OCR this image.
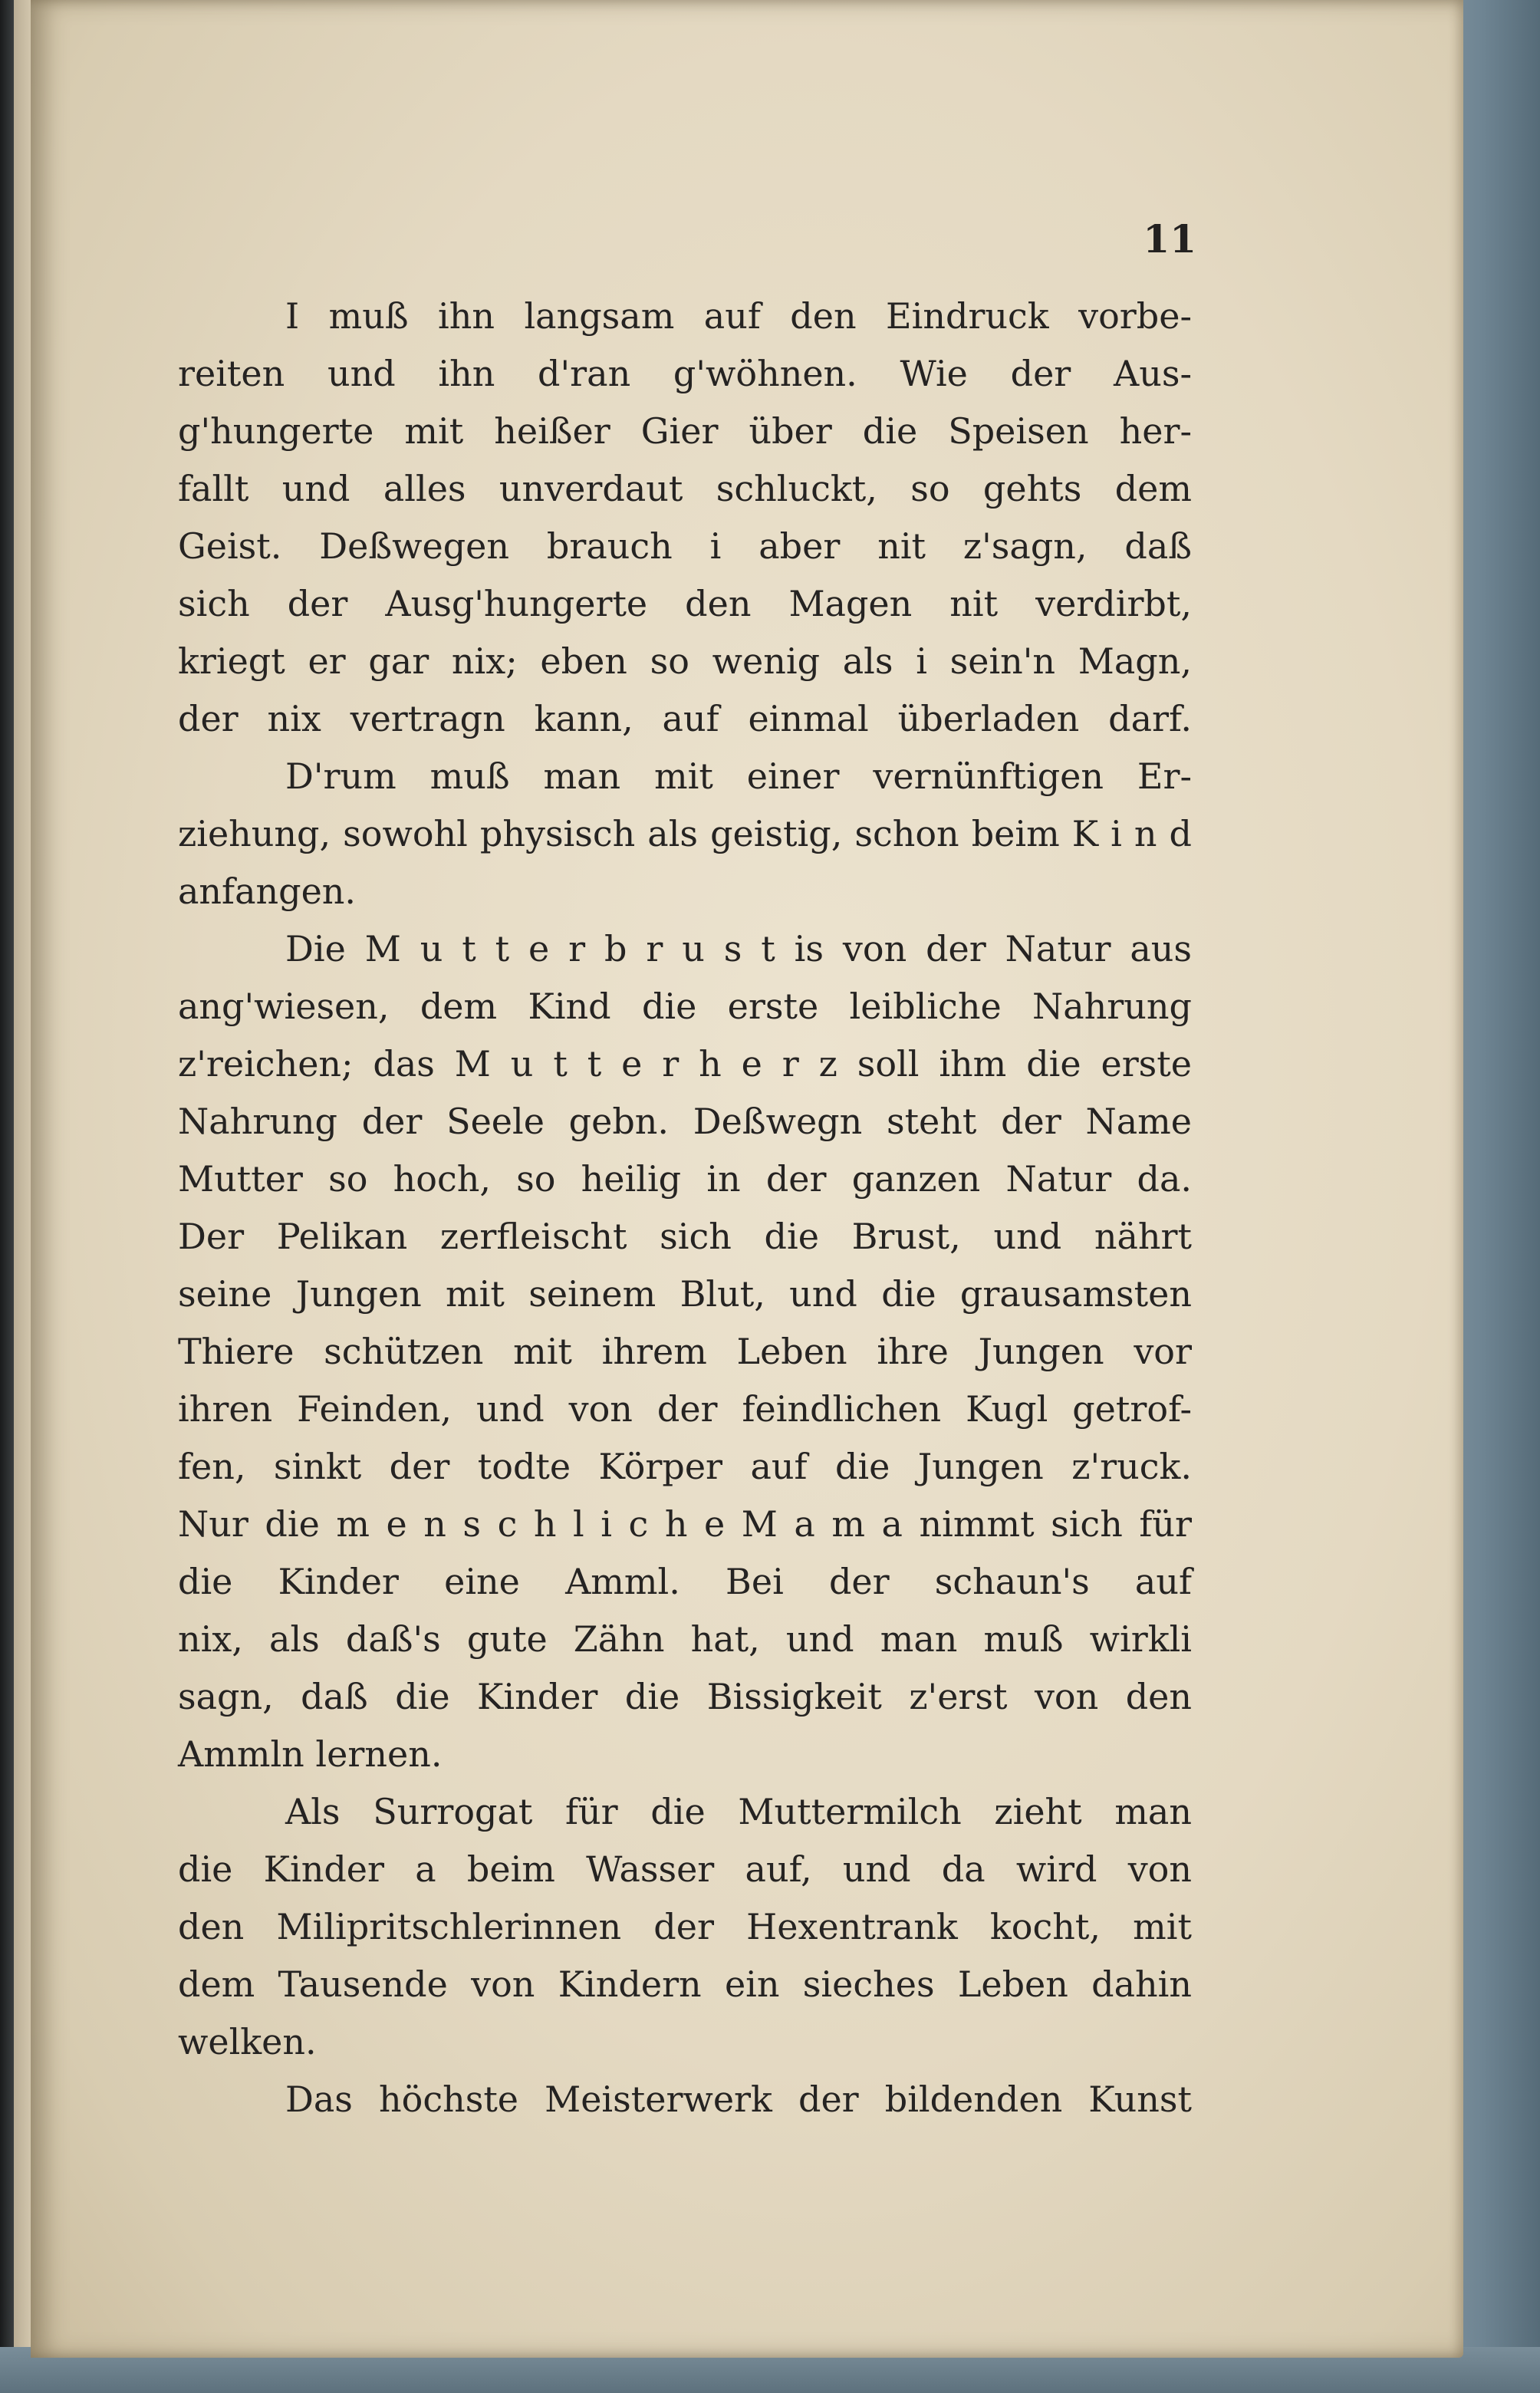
11

I muß ihn langsam auf den Eindruck vorbe-
reiten und ihn d'ran g'wöhnen. Wie der Aus-
g'hungerte mit heißer Gier über die Speisen her-
fallt und alles unverdaut schluckt, so gehts dem
Geist. Deßwegen brauch i aber nit z'sagn, daß
sich der Ausg'hungerte den Magen nit verdirbt,
kriegt er gar nix; eben so wenig als i sein'n Magn,
der nix vertragn kann, auf einmal überladen darf.
D'rum muß man mit einer vernünftigen Er-
ziehung, sowohl physisch als geistig, schon beim K i n d
anfangen.
Die M u t t e r b r u s t is von der Natur aus
ang'wiesen, dem Kind die erste leibliche Nahrung
z'reichen; das M u t t e r h e r z soll ihm die erste
Nahrung der Seele gebn. Deßwegn steht der Name
Mutter so hoch, so heilig in der ganzen Natur da.
Der Pelikan zerfleischt sich die Brust, und nährt
seine Jungen mit seinem Blut, und die grausamsten
Thiere schützen mit ihrem Leben ihre Jungen vor
ihren Feinden, und von der feindlichen Kugl getrof-
fen, sinkt der todte Körper auf die Jungen z'ruck.
Nur die m e n s c h l i c h e M a m a nimmt sich für
die Kinder eine Amml. Bei der schaun's auf
nix, als daß's gute Zähn hat, und man muß wirkli
sagn, daß die Kinder die Bissigkeit z'erst von den
Ammln lernen.
Als Surrogat für die Muttermilch zieht man
die Kinder a beim Wasser auf, und da wird von
den Milipritschlerinnen der Hexentrank kocht, mit
dem Tausende von Kindern ein sieches Leben dahin
welken.
Das höchste Meisterwerk der bildenden Kunst
